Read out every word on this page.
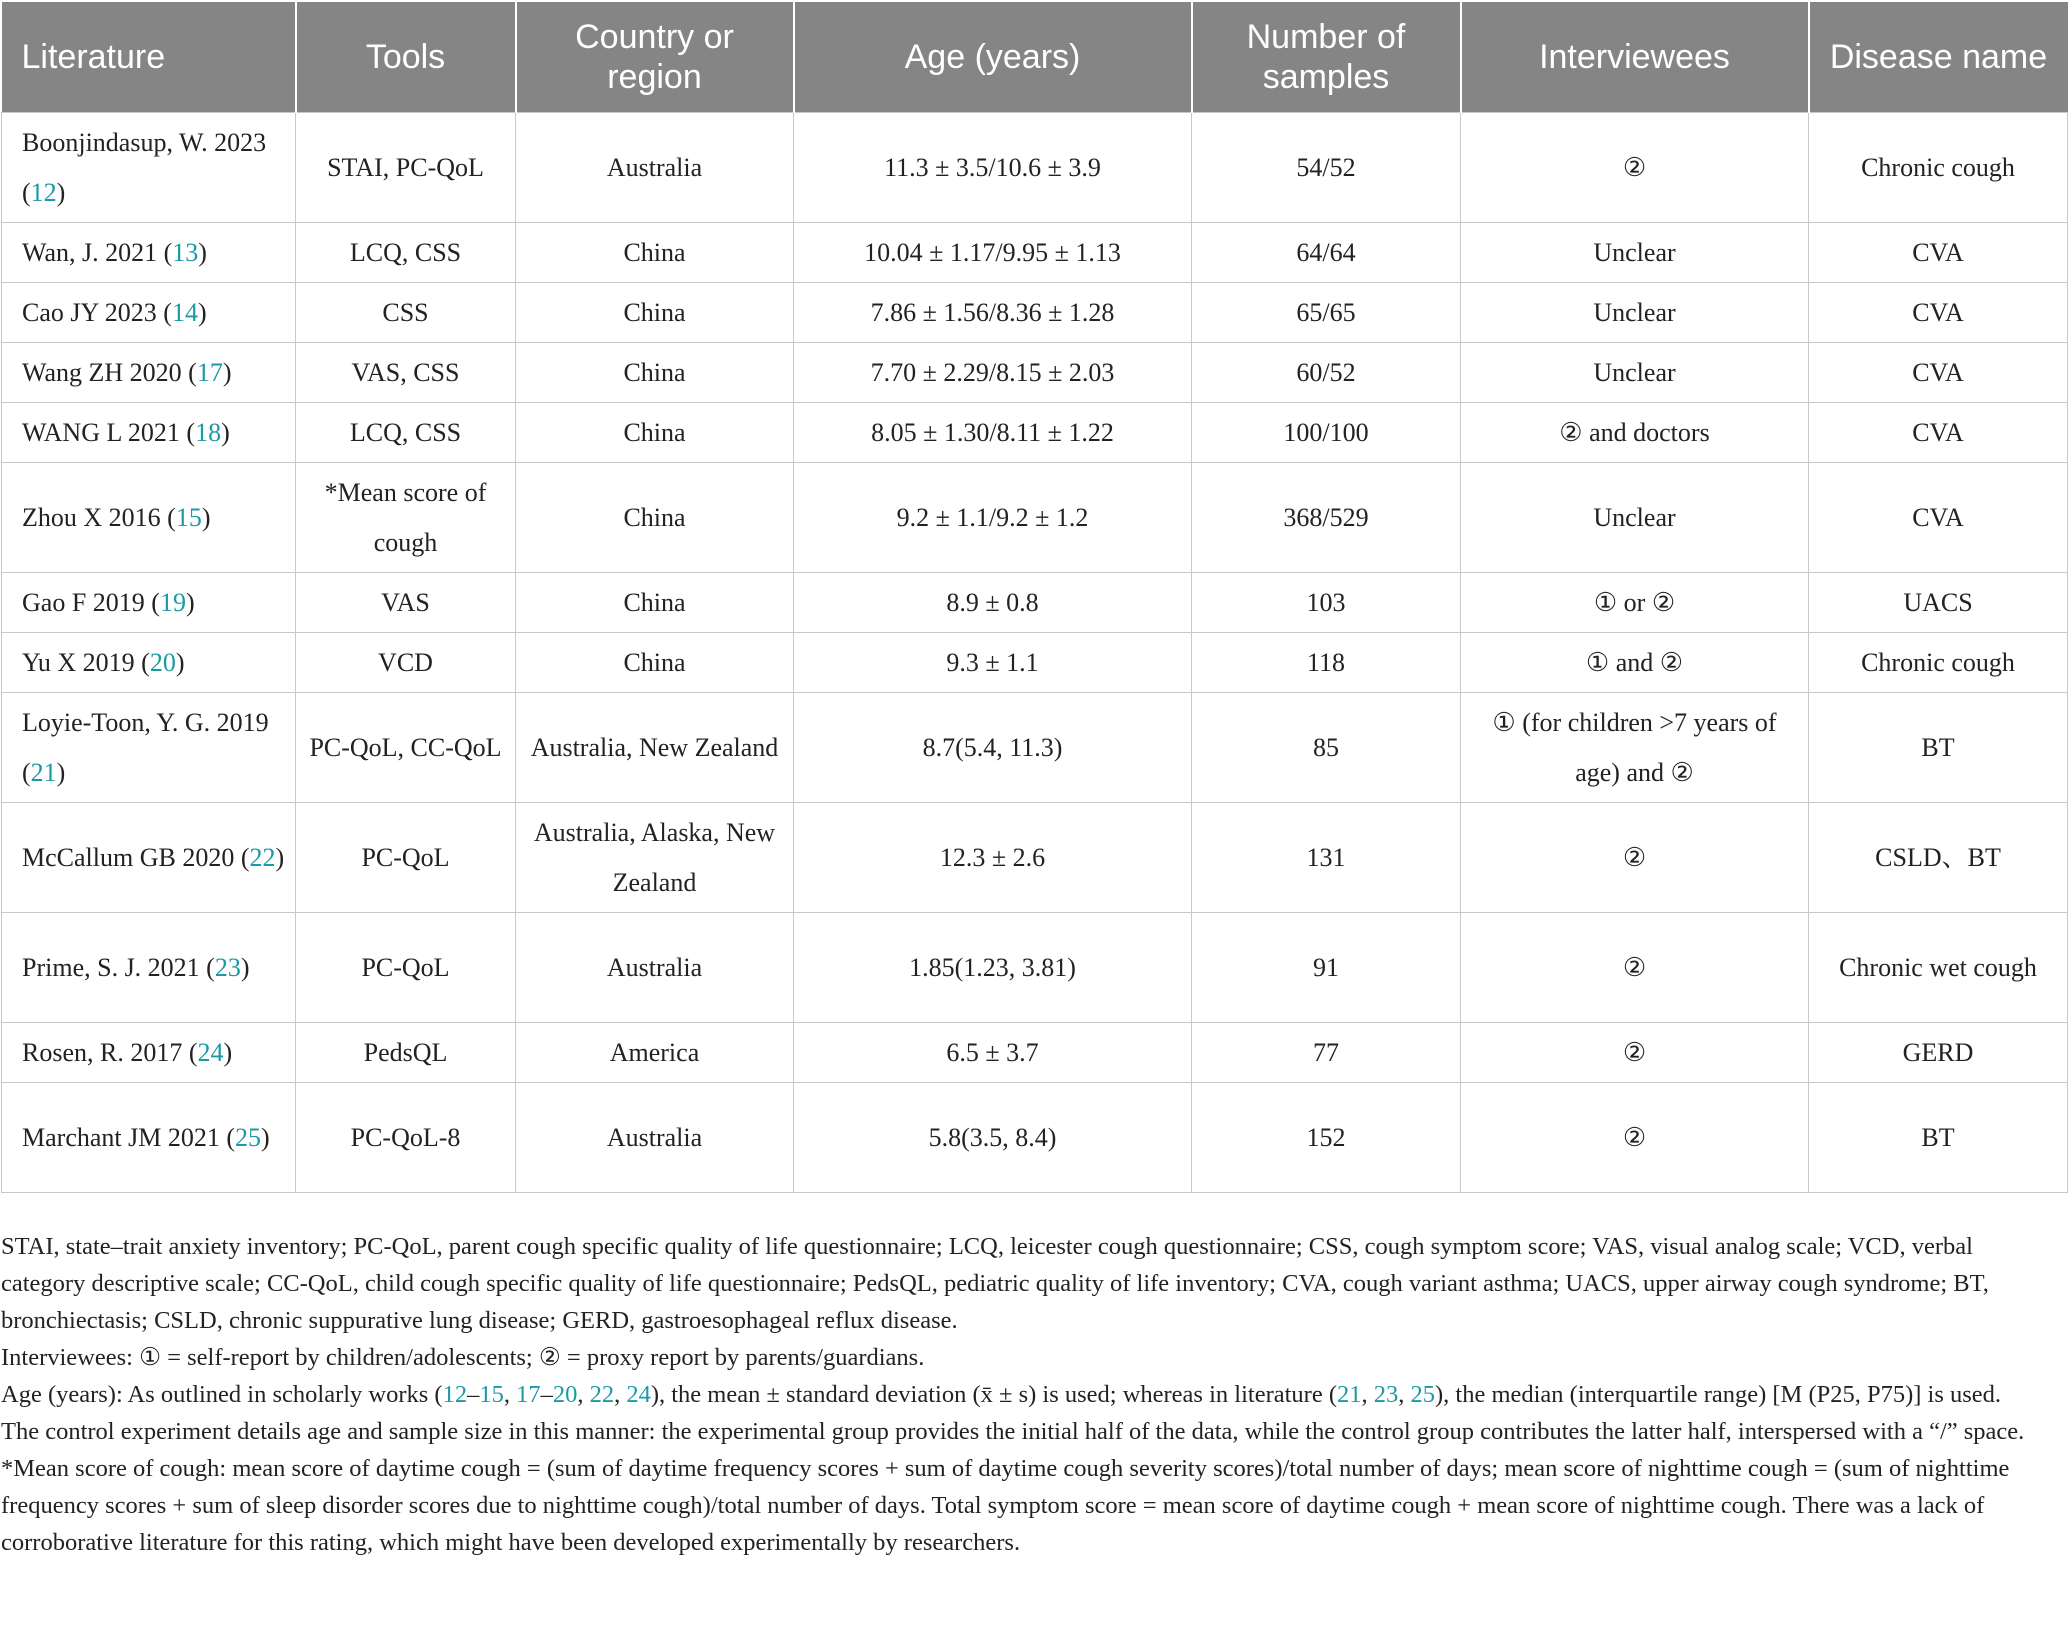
Literature	Tools	Country or region	Age (years)	Number of samples	Interviewees	Disease name
Boonjindasup, W. 2023 (12)	STAI, PC-QoL	Australia	11.3 ± 3.5/10.6 ± 3.9	54/52	②	Chronic cough
Wan, J. 2021 (13)	LCQ, CSS	China	10.04 ± 1.17/9.95 ± 1.13	64/64	Unclear	CVA
Cao JY 2023 (14)	CSS	China	7.86 ± 1.56/8.36 ± 1.28	65/65	Unclear	CVA
Wang ZH 2020 (17)	VAS, CSS	China	7.70 ± 2.29/8.15 ± 2.03	60/52	Unclear	CVA
WANG L 2021 (18)	LCQ, CSS	China	8.05 ± 1.30/8.11 ± 1.22	100/100	② and doctors	CVA
Zhou X 2016 (15)	*Mean score of cough	China	9.2 ± 1.1/9.2 ± 1.2	368/529	Unclear	CVA
Gao F 2019 (19)	VAS	China	8.9 ± 0.8	103	① or ②	UACS
Yu X 2019 (20)	VCD	China	9.3 ± 1.1	118	① and ②	Chronic cough
Loyie-Toon, Y. G. 2019 (21)	PC-QoL, CC-QoL	Australia, New Zealand	8.7(5.4, 11.3)	85	① (for children >7 years of age) and ②	BT
McCallum GB 2020 (22)	PC-QoL	Australia, Alaska, New Zealand	12.3 ± 2.6	131	②	CSLD、BT
Prime, S. J. 2021 (23)	PC-QoL	Australia	1.85(1.23, 3.81)	91	②	Chronic wet cough
Rosen, R. 2017 (24)	PedsQL	America	6.5 ± 3.7	77	②	GERD
Marchant JM 2021 (25)	PC-QoL-8	Australia	5.8(3.5, 8.4)	152	②	BT

STAI, state–trait anxiety inventory; PC-QoL, parent cough specific quality of life questionnaire; LCQ, leicester cough questionnaire; CSS, cough symptom score; VAS, visual analog scale; VCD, verbal category descriptive scale; CC-QoL, child cough specific quality of life questionnaire; PedsQL, pediatric quality of life inventory; CVA, cough variant asthma; UACS, upper airway cough syndrome; BT, bronchiectasis; CSLD, chronic suppurative lung disease; GERD, gastroesophageal reflux disease.

Interviewees: ① = self-report by children/adolescents; ② = proxy report by parents/guardians.

Age (years): As outlined in scholarly works (12–15, 17–20, 22, 24), the mean ± standard deviation (x̄ ± s) is used; whereas in literature (21, 23, 25), the median (interquartile range) [M (P25, P75)] is used.

The control experiment details age and sample size in this manner: the experimental group provides the initial half of the data, while the control group contributes the latter half, interspersed with a “/” space.

*Mean score of cough: mean score of daytime cough = (sum of daytime frequency scores + sum of daytime cough severity scores)/total number of days; mean score of nighttime cough = (sum of nighttime frequency scores + sum of sleep disorder scores due to nighttime cough)/total number of days. Total symptom score = mean score of daytime cough + mean score of nighttime cough. There was a lack of corroborative literature for this rating, which might have been developed experimentally by researchers.
